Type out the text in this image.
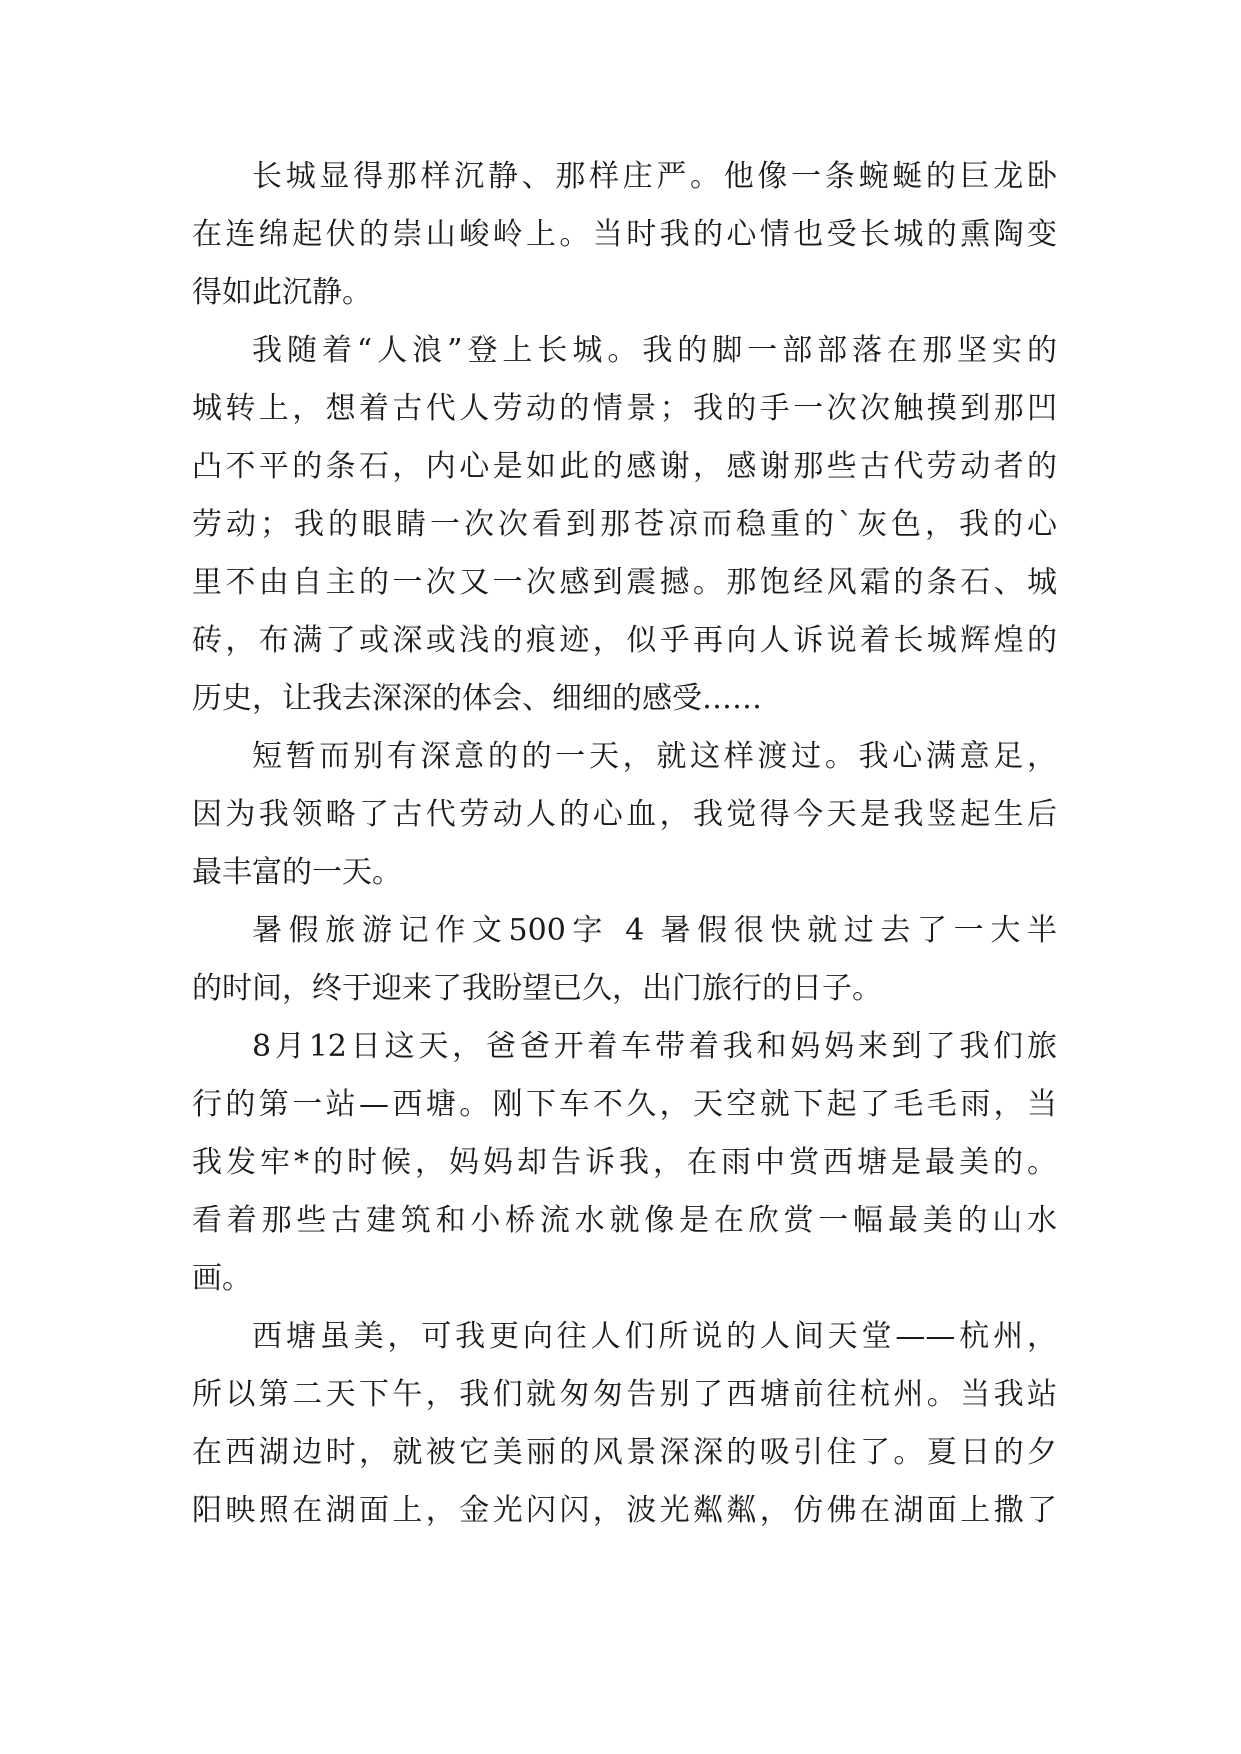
长城显得那样沉静、那样庄严。他像一条蜿蜒的巨龙卧
在连绵起伏的崇山峻岭上。当时我的心情也受长城的熏陶变
得如此沉静。
我随着“人浪”登上长城。我的脚一部部落在那坚实的
城转上，想着古代人劳动的情景；我的手一次次触摸到那凹
凸不平的条石，内心是如此的感谢，感谢那些古代劳动者的
劳动；我的眼睛一次次看到那苍凉而稳重的`灰色，我的心
里不由自主的一次又一次感到震撼。那饱经风霜的条石、城
砖，布满了或深或浅的痕迹，似乎再向人诉说着长城辉煌的
历史，让我去深深的体会、细细的感受……
短暂而别有深意的的一天，就这样渡过。我心满意足，
因为我领略了古代劳动人的心血，我觉得今天是我竖起生后
最丰富的一天。
暑假旅游记作文500字 4 暑假很快就过去了一大半
的时间，终于迎来了我盼望已久，出门旅行的日子。
8月12日这天，爸爸开着车带着我和妈妈来到了我们旅
行的第一站—西塘。刚下车不久，天空就下起了毛毛雨，当
我发牢*的时候，妈妈却告诉我，在雨中赏西塘是最美的。
看着那些古建筑和小桥流水就像是在欣赏一幅最美的山水
画。
西塘虽美，可我更向往人们所说的人间天堂——杭州，
所以第二天下午，我们就匆匆告别了西塘前往杭州。当我站
在西湖边时，就被它美丽的风景深深的吸引住了。夏日的夕
阳映照在湖面上，金光闪闪，波光粼粼，仿佛在湖面上撒了
